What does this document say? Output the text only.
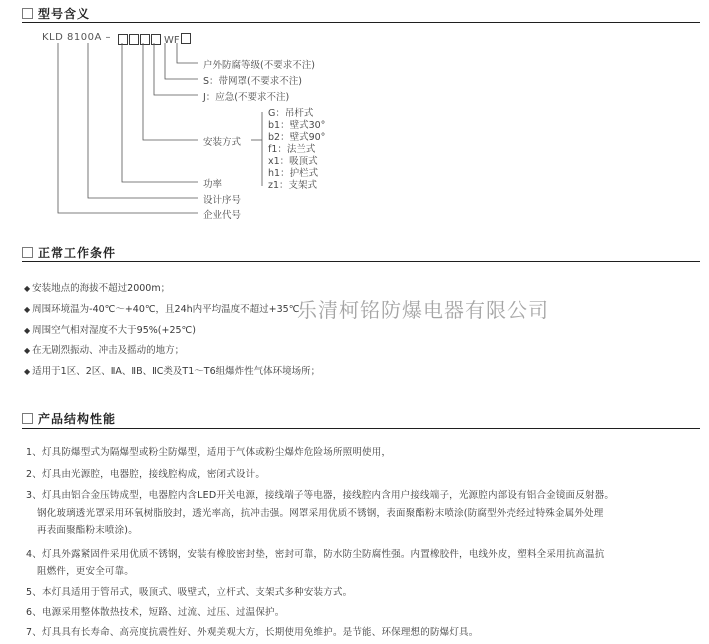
型号含义
KLD 8100A –	WF
户外防腐等级(不要求不注)
S：带网罩(不要求不注)
J：应急(不要求不注)
安装方式
功率
设计序号
企业代号
G：吊杆式
b1：壁式30°
b2：壁式90°
f1：法兰式
x1：吸顶式
h1：护栏式
z1：支架式
正常工作条件
◆ 安装地点的海拔不超过2000m；
◆ 周围环境温为-40℃～+40℃，且24h内平均温度不超过+35℃
◆ 周围空气相对湿度不大于95%(+25℃)
◆ 在无剧烈振动、冲击及摇动的地方；
◆ 适用于1区、2区、ⅡA、ⅡB、ⅡC类及T1～T6组爆炸性气体环境场所；
乐清柯铭防爆电器有限公司
产品结构性能
1、灯具防爆型式为隔爆型或粉尘防爆型，适用于气体或粉尘爆炸危险场所照明使用，
2、灯具由光源腔，电器腔，接线腔构成，密闭式设计。
3、灯具由铝合金压铸成型，电器腔内含LED开关电源，接线端子等电器，接线腔内含用户接线端子，光源腔内部设有铝合金镜面反射器。
钢化玻璃透光罩采用环氧树脂胶封，透光率高，抗冲击强。网罩采用优质不锈钢，表面聚酯粉末喷涂(防腐型外壳经过特殊金属外处理
再表面聚酯粉末喷涂)。
4、灯具外露紧固件采用优质不锈钢，安装有橡胶密封垫，密封可靠，防水防尘防腐性强。内置橡胶件，电线外皮，塑料全采用抗高温抗
阻燃件，更安全可靠。
5、本灯具适用于管吊式，吸顶式、吸壁式，立杆式、支架式多种安装方式。
6、电源采用整体散热技术，短路、过流、过压、过温保护。
7、灯具具有长寿命、高亮度抗震性好、外观美观大方，长期使用免维护。是节能、环保理想的防爆灯具。
